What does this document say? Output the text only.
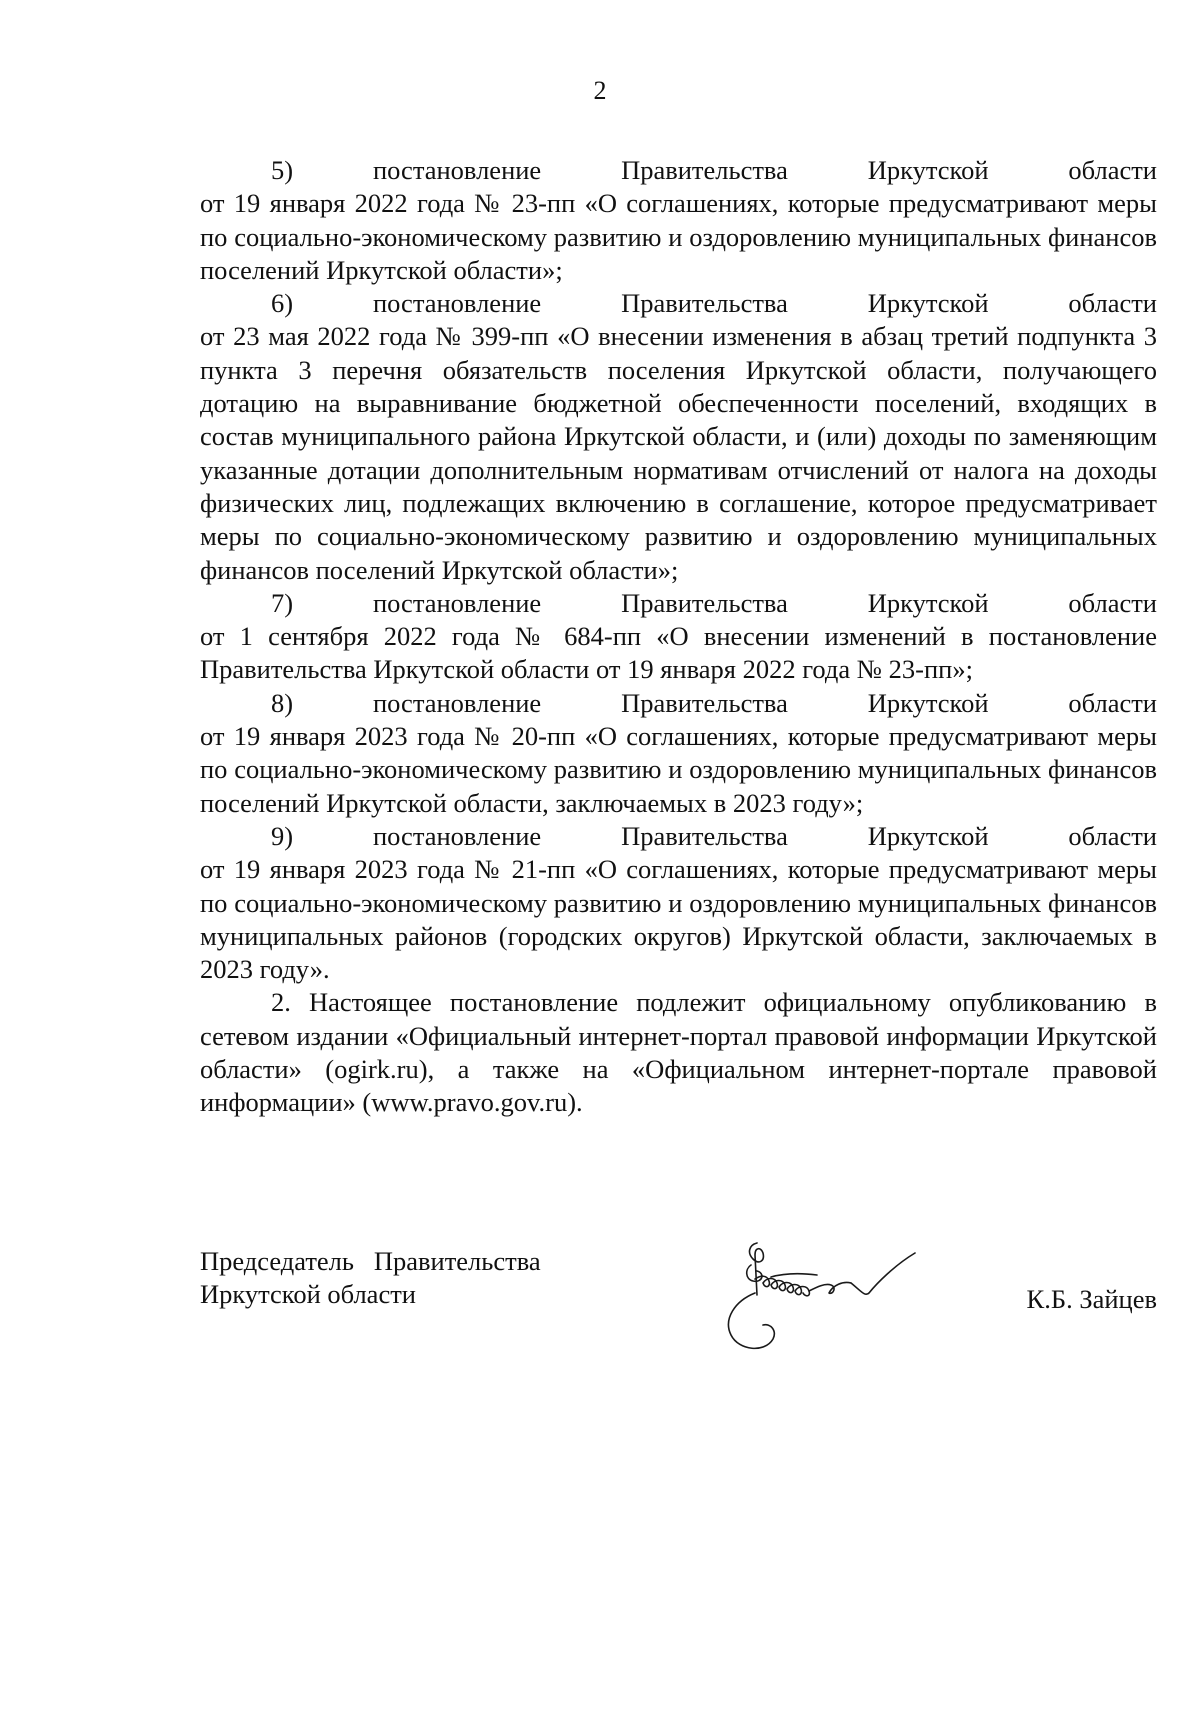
2
5)	постановление	Правительства	Иркутской	области

от 19 января 2022 года № 23-пп «О соглашениях, которые предусматривают меры по социально-экономическому развитию и оздоровлению муниципальных финансов поселений Иркутской области»;

6)	постановление	Правительства	Иркутской	области

от 23 мая 2022 года № 399-пп «О внесении изменения в абзац третий подпункта 3 пункта 3 перечня обязательств поселения Иркутской области, получающего дотацию на выравнивание бюджетной обеспеченности поселений, входящих в состав муниципального района Иркутской области, и (или) доходы по заменяющим указанные дотации дополнительным нормативам отчислений от налога на доходы физических лиц, подлежащих включению в соглашение, которое предусматривает меры по социально-экономическому развитию и оздоровлению муниципальных финансов поселений Иркутской области»;

7)	постановление	Правительства	Иркутской	области

от 1 сентября 2022 года № 684-пп «О внесении изменений в постановление Правительства Иркутской области от 19 января 2022 года № 23-пп»;

8)	постановление	Правительства	Иркутской	области

от 19 января 2023 года № 20-пп «О соглашениях, которые предусматривают меры по социально-экономическому развитию и оздоровлению муниципальных финансов поселений Иркутской области, заключаемых в 2023 году»;

9)	постановление	Правительства	Иркутской	области

от 19 января 2023 года № 21-пп «О соглашениях, которые предусматривают меры по социально-экономическому развитию и оздоровлению муниципальных финансов муниципальных районов (городских округов) Иркутской области, заключаемых в 2023 году».

2. Настоящее постановление подлежит официальному опубликованию в сетевом издании «Официальный интернет-портал правовой информации Иркутской области» (ogirk.ru), а также на «Официальном интернет-портале правовой информации» (www.pravo.gov.ru).

Председатель   Правительства
Иркутской области	К.Б. Зайцев
